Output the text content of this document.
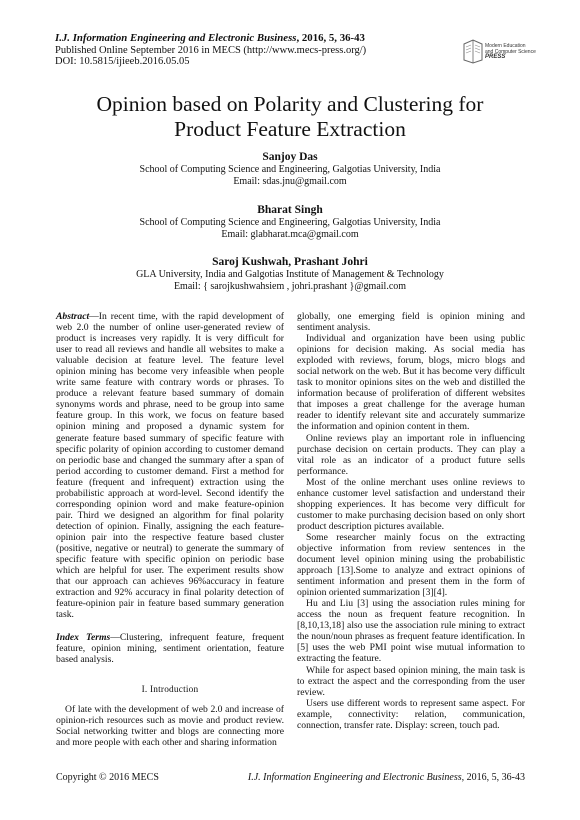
I.J. Information Engineering and Electronic Business, 2016, 5, 36-43
Published Online September 2016 in MECS (http://www.mecs-press.org/)
DOI: 10.5815/ijieeb.2016.05.05
Modern Education
and Computer Science
PRESS
Opinion based on Polarity and Clustering for
Product Feature Extraction
Sanjoy Das
School of Computing Science and Engineering, Galgotias University, India
Email: sdas.jnu@gmail.com
Bharat Singh
School of Computing Science and Engineering, Galgotias University, India
Email: glabharat.mca@gmail.com
Saroj Kushwah, Prashant Johri
GLA University, India and Galgotias Institute of Management & Technology
Email: { sarojkushwahsiem , johri.prashant }@gmail.com

Abstract—In recent time, with the rapid development of web 2.0 the number of online user-generated review of product is increases very rapidly. It is very difficult for user to read all reviews and handle all websites to make a valuable decision at feature level. The feature level opinion mining has become very infeasible when people write same feature with contrary words or phrases. To produce a relevant feature based summary of domain synonyms words and phrase, need to be group into same feature group. In this work, we focus on feature based opinion mining and proposed a dynamic system for generate feature based summary of specific feature with specific polarity of opinion according to customer demand on periodic base and changed the summary after a span of period according to customer demand. First a method for feature (frequent and infrequent) extraction using the probabilistic approach at word-level. Second identify the corresponding opinion word and make feature-opinion pair. Third we designed an algorithm for final polarity detection of opinion. Finally, assigning the each feature-opinion pair into the respective feature based cluster (positive, negative or neutral) to generate the summary of specific feature with specific opinion on periodic base which are helpful for user. The experiment results show that our approach can achieves 96%accuracy in feature extraction and 92% accuracy in final polarity detection of feature-opinion pair in feature based summary generation task.

Index Terms—Clustering, infrequent feature, frequent feature, opinion mining, sentiment orientation, feature based analysis.

I. Introduction

Of late with the development of web 2.0 and increase of opinion-rich resources such as movie and product review. Social networking twitter and blogs are connecting more and more people with each other and sharing information

globally, one emerging field is opinion mining and sentiment analysis.

Individual and organization have been using public opinions for decision making. As social media has exploded with reviews, forum, blogs, micro blogs and social network on the web. But it has become very difficult task to monitor opinions sites on the web and distilled the information because of proliferation of different websites that imposes a great challenge for the average human reader to identify relevant site and accurately summarize the information and opinion content in them.

Online reviews play an important role in influencing purchase decision on certain products. They can play a vital role as an indicator of a product future sells performance.

Most of the online merchant uses online reviews to enhance customer level satisfaction and understand their shopping experiences. It has become very difficult for customer to make purchasing decision based on only short product description pictures available.

Some researcher mainly focus on the extracting objective information from review sentences in the document level opinion mining using the probabilistic approach [13].Some to analyze and extract opinions of sentiment information and present them in the form of opinion oriented summarization [3][4].

Hu and Liu [3] using the association rules mining for access the noun as frequent feature recognition. In [8,10,13,18] also use the association rule mining to extract the noun/noun phrases as frequent feature identification. In [5] uses the web PMI point wise mutual information to extracting the feature.

While for aspect based opinion mining, the main task is to extract the aspect and the corresponding from the user review.

Users use different words to represent same aspect. For example, connectivity: relation, communication, connection, transfer rate. Display: screen, touch pad.

Copyright © 2016 MECS	I.J. Information Engineering and Electronic Business, 2016, 5, 36-43
